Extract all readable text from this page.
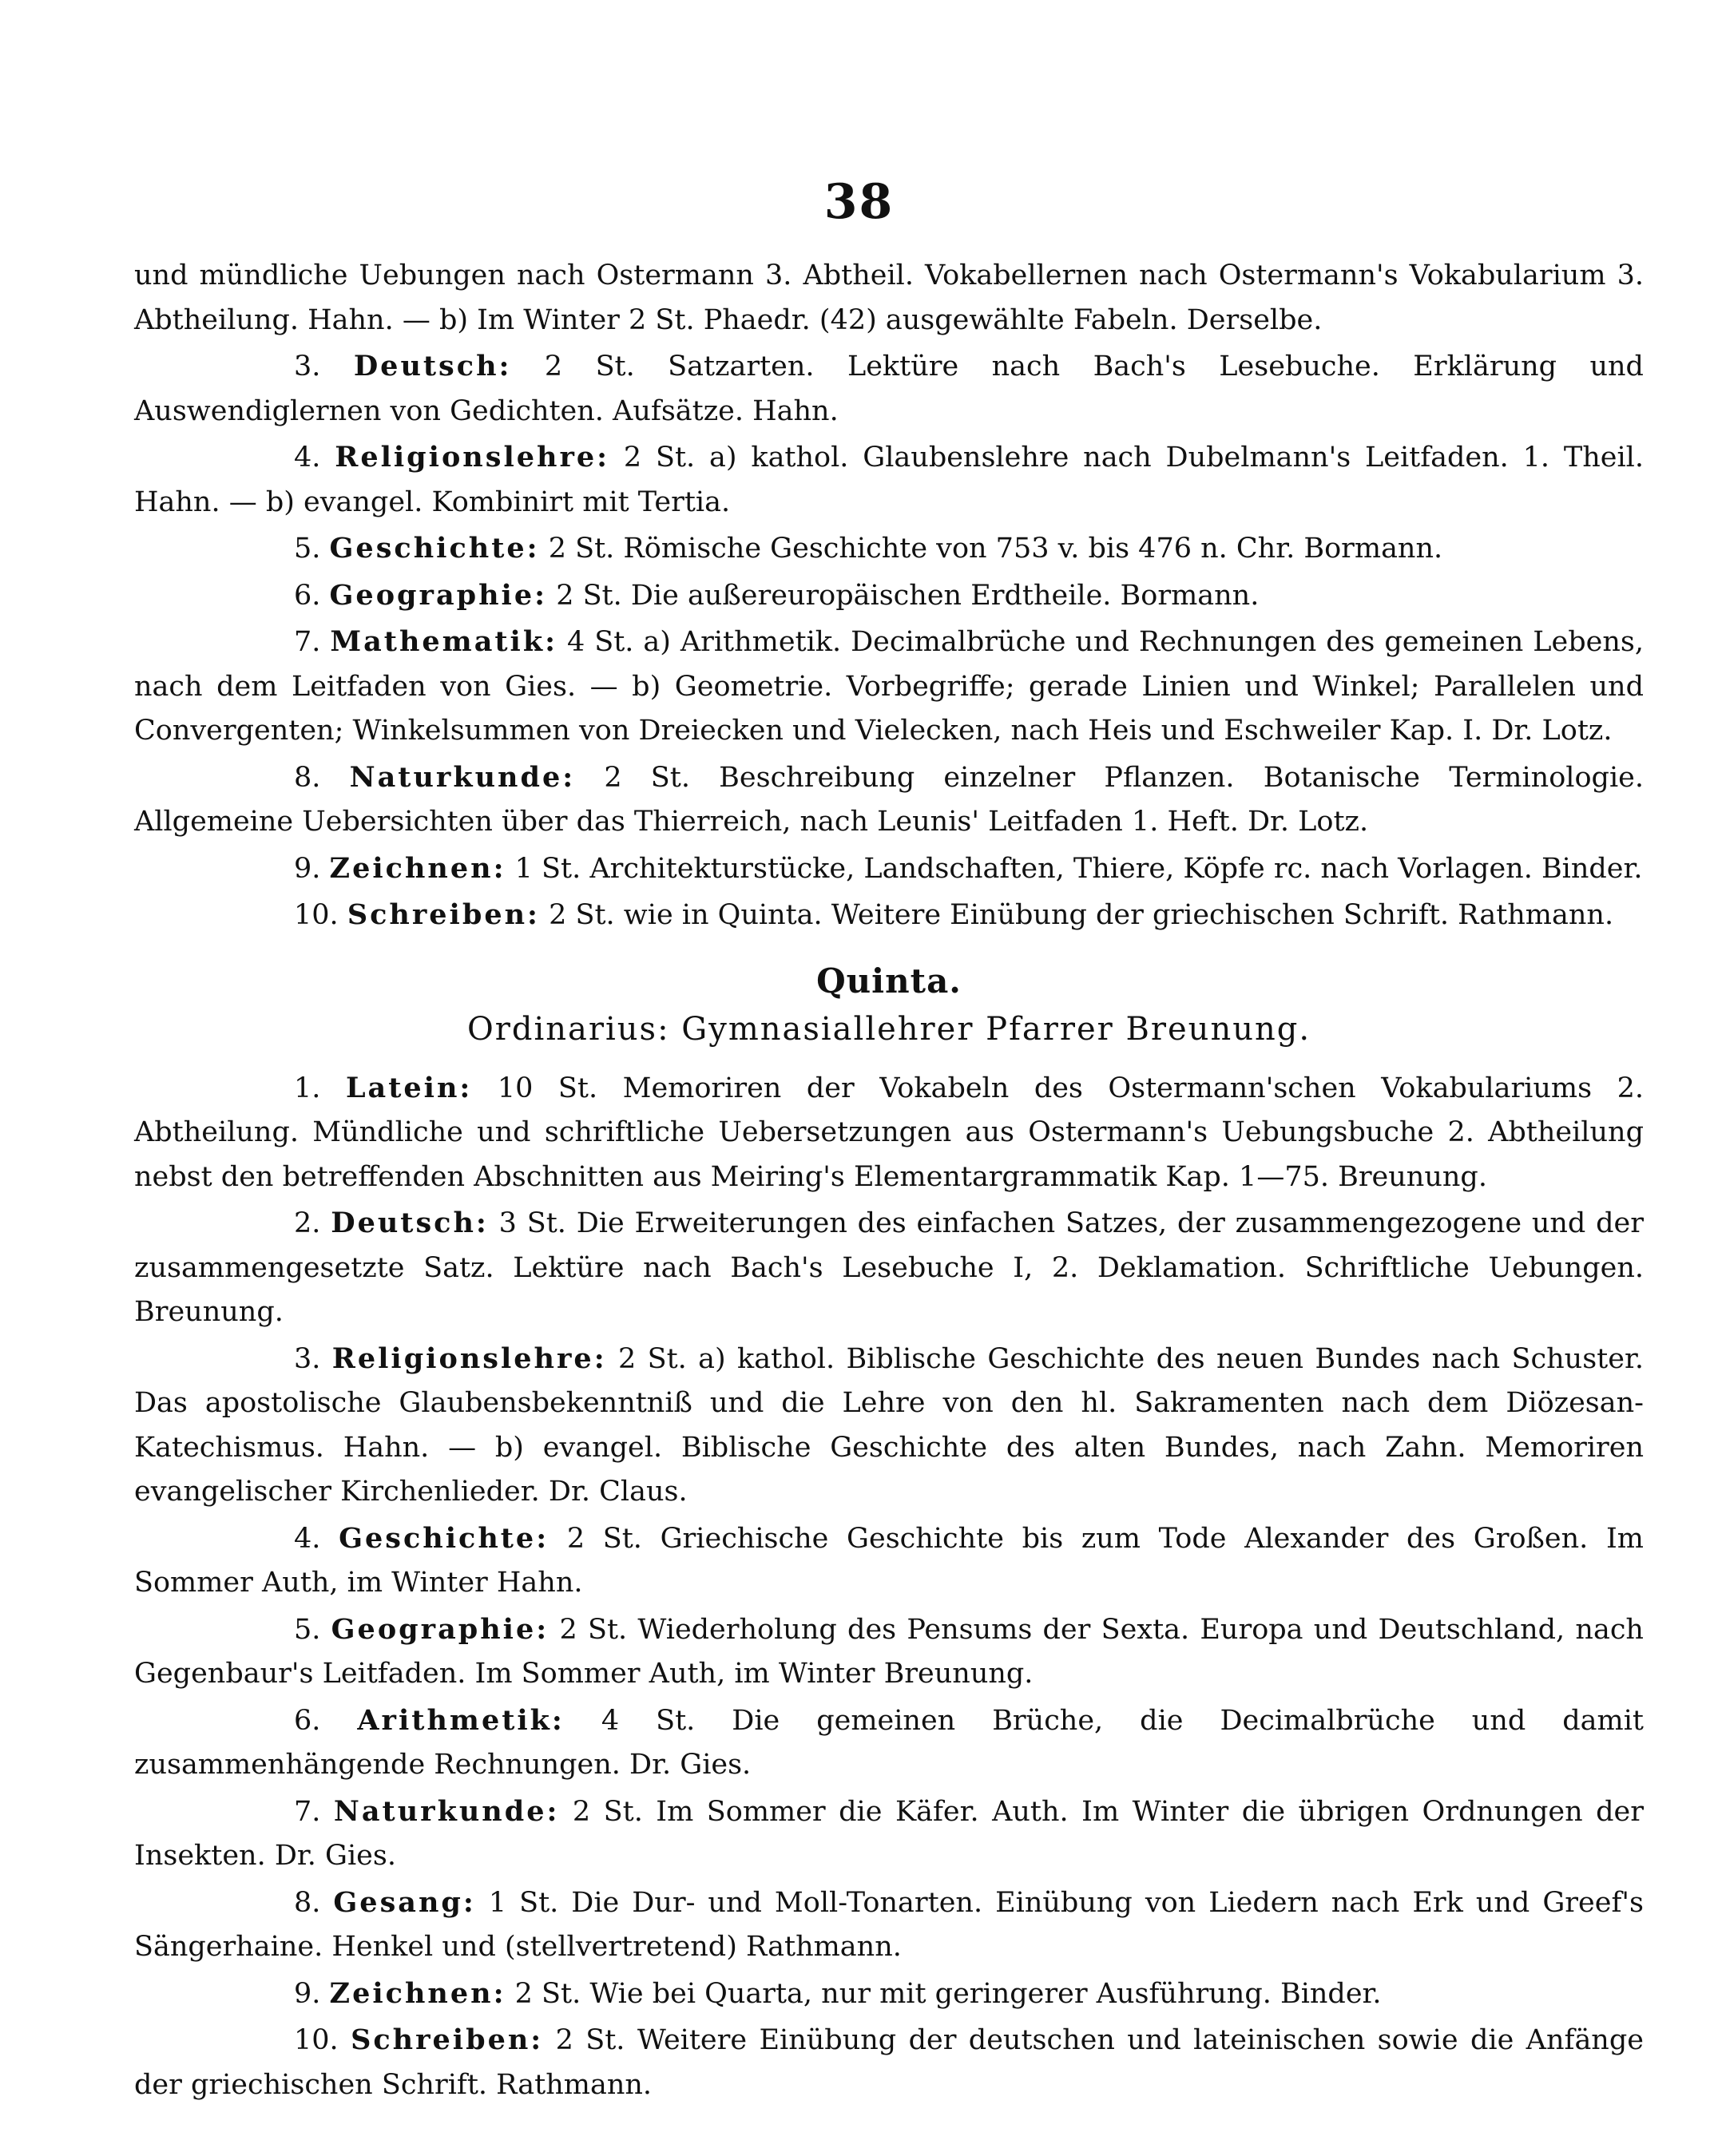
38

und mündliche Uebungen nach Ostermann 3. Abtheil. Vokabellernen nach Ostermann's Vokabularium 3. Abtheilung. Hahn. — b) Im Winter 2 St. Phaedr. (42) ausgewählte Fabeln. Derselbe.

3. Deutsch: 2 St. Satzarten. Lektüre nach Bach's Lesebuche. Erklärung und Auswendiglernen von Gedichten. Aufsätze. Hahn.

4. Religionslehre: 2 St. a) kathol. Glaubenslehre nach Dubelmann's Leitfaden. 1. Theil. Hahn. — b) evangel. Kombinirt mit Tertia.

5. Geschichte: 2 St. Römische Geschichte von 753 v. bis 476 n. Chr. Bormann.

6. Geographie: 2 St. Die außereuropäischen Erdtheile. Bormann.

7. Mathematik: 4 St. a) Arithmetik. Decimalbrüche und Rechnungen des gemeinen Lebens, nach dem Leitfaden von Gies. — b) Geometrie. Vorbegriffe; gerade Linien und Winkel; Parallelen und Convergenten; Winkelsummen von Dreiecken und Vielecken, nach Heis und Eschweiler Kap. I. Dr. Lotz.

8. Naturkunde: 2 St. Beschreibung einzelner Pflanzen. Botanische Terminologie. Allgemeine Uebersichten über das Thierreich, nach Leunis' Leitfaden 1. Heft. Dr. Lotz.

9. Zeichnen: 1 St. Architekturstücke, Landschaften, Thiere, Köpfe rc. nach Vorlagen. Binder.

10. Schreiben: 2 St. wie in Quinta. Weitere Einübung der griechischen Schrift. Rathmann.

Quinta.
Ordinarius: Gymnasiallehrer Pfarrer Breunung.

1. Latein: 10 St. Memoriren der Vokabeln des Ostermann'schen Vokabulariums 2. Abtheilung. Mündliche und schriftliche Uebersetzungen aus Ostermann's Uebungsbuche 2. Abtheilung nebst den betreffenden Abschnitten aus Meiring's Elementargrammatik Kap. 1—75. Breunung.

2. Deutsch: 3 St. Die Erweiterungen des einfachen Satzes, der zusammengezogene und der zusammengesetzte Satz. Lektüre nach Bach's Lesebuche I, 2. Deklamation. Schriftliche Uebungen. Breunung.

3. Religionslehre: 2 St. a) kathol. Biblische Geschichte des neuen Bundes nach Schuster. Das apostolische Glaubensbekenntniß und die Lehre von den hl. Sakramenten nach dem Diözesan-Katechismus. Hahn. — b) evangel. Biblische Geschichte des alten Bundes, nach Zahn. Memoriren evangelischer Kirchenlieder. Dr. Claus.

4. Geschichte: 2 St. Griechische Geschichte bis zum Tode Alexander des Großen. Im Sommer Auth, im Winter Hahn.

5. Geographie: 2 St. Wiederholung des Pensums der Sexta. Europa und Deutschland, nach Gegenbaur's Leitfaden. Im Sommer Auth, im Winter Breunung.

6. Arithmetik: 4 St. Die gemeinen Brüche, die Decimalbrüche und damit zusammenhängende Rechnungen. Dr. Gies.

7. Naturkunde: 2 St. Im Sommer die Käfer. Auth. Im Winter die übrigen Ordnungen der Insekten. Dr. Gies.

8. Gesang: 1 St. Die Dur- und Moll-Tonarten. Einübung von Liedern nach Erk und Greef's Sängerhaine. Henkel und (stellvertretend) Rathmann.

9. Zeichnen: 2 St. Wie bei Quarta, nur mit geringerer Ausführung. Binder.

10. Schreiben: 2 St. Weitere Einübung der deutschen und lateinischen sowie die Anfänge der griechischen Schrift. Rathmann.
